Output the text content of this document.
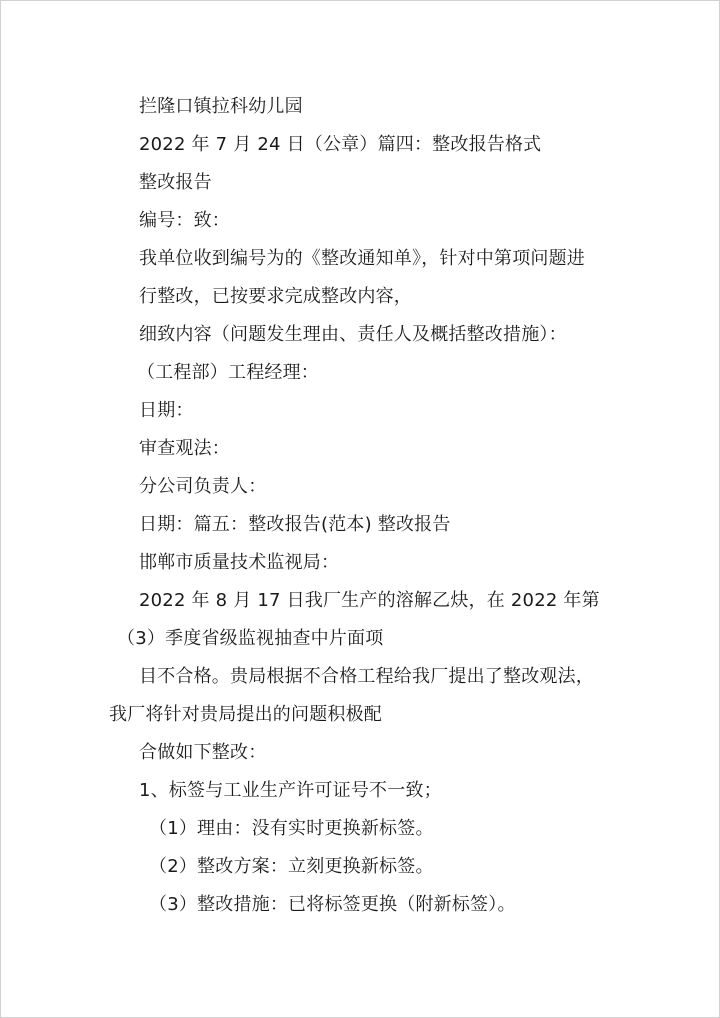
拦隆口镇拉科幼儿园
2022 年 7 月 24 日（公章）篇四：整改报告格式
整改报告
编号：致：
我单位收到编号为的《整改通知单》，针对中第项问题进
行整改，已按要求完成整改内容，
细致内容（问题发生理由、责任人及概括整改措施）：
（工程部）工程经理：
日期：
审查观法：
分公司负责人：
日期：篇五：整改报告(范本) 整改报告
邯郸市质量技术监视局：
2022 年 8 月 17 日我厂生产的溶解乙炔，在 2022 年第
（3）季度省级监视抽查中片面项
目不合格。贵局根据不合格工程给我厂提出了整改观法，
我厂将针对贵局提出的问题积极配
合做如下整改：
1、标签与工业生产许可证号不一致；
（1）理由：没有实时更换新标签。
（2）整改方案：立刻更换新标签。
（3）整改措施：已将标签更换（附新标签）。
